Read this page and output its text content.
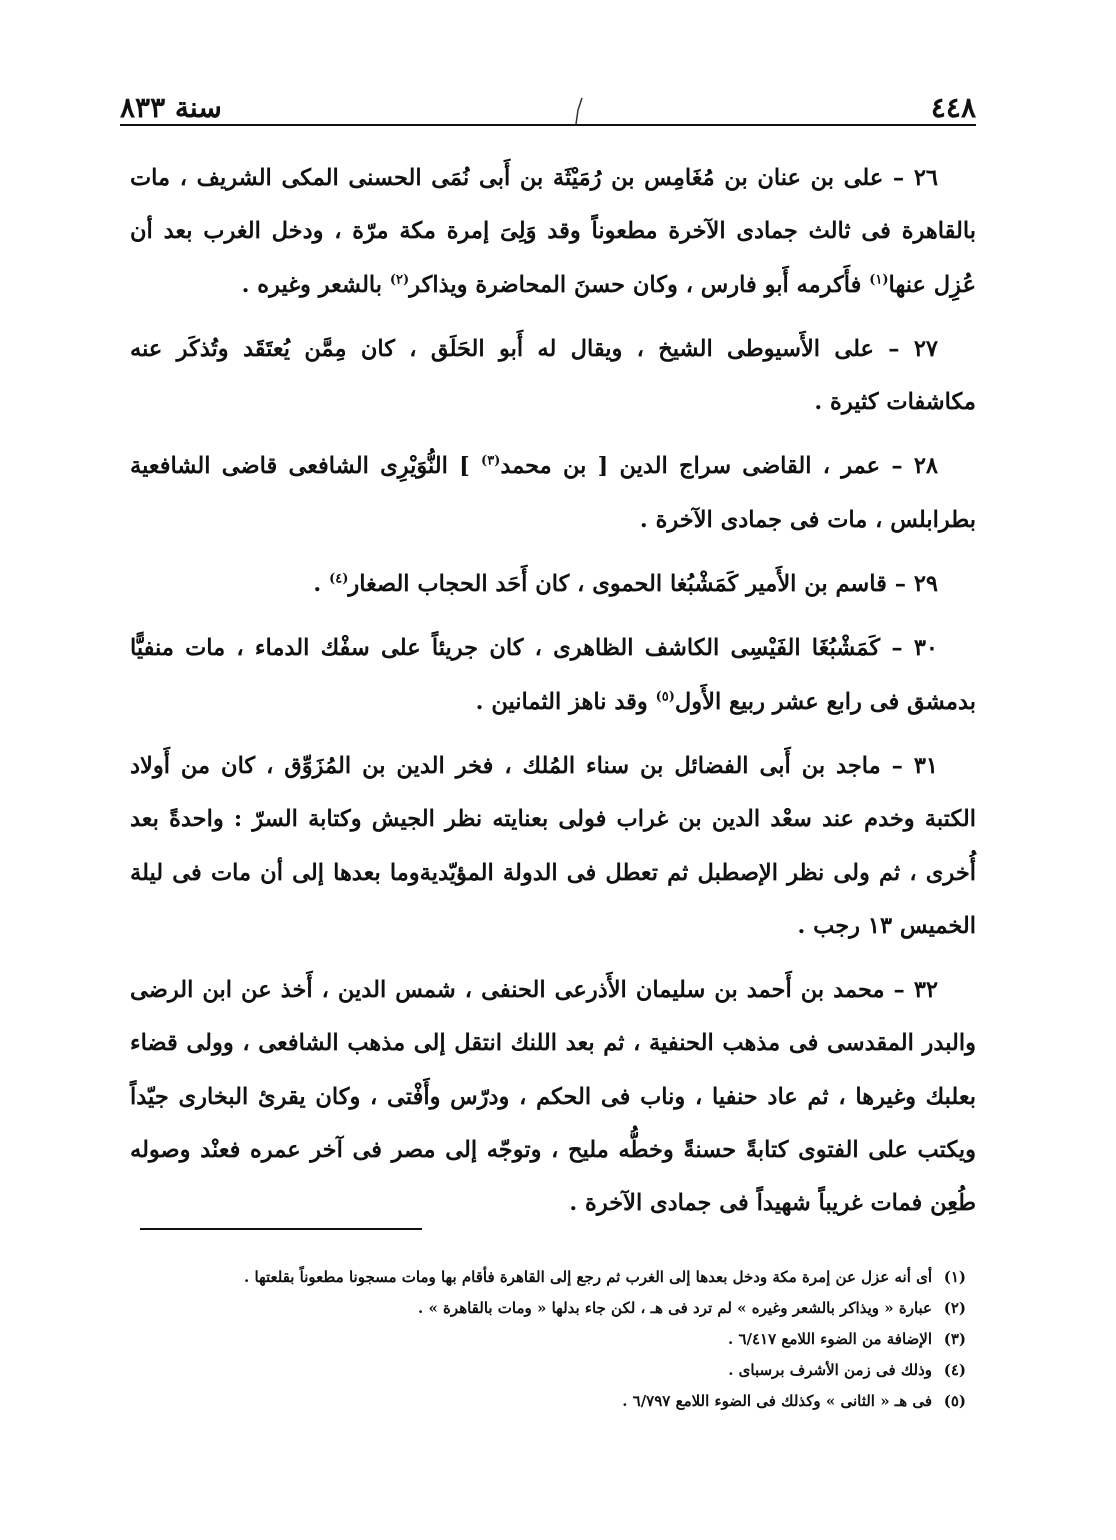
٤٤٨
سنة ٨٣٣

٢٦ – على بن عنان بن مُغَامِس بن رُمَيْثَة بن أَبى نُمَى الحسنى المكى الشريف ، مات بالقاهرة فى ثالث جمادى الآخرة مطعوناً وقد وَلِىَ إمرة مكة مرّة ، ودخل الغرب بعد أن عُزِل عنها$^{(١)}$ فأَكرمه أَبو فارس ، وكان حسنَ المحاضرة ويذاكر$^{(٢)}$ بالشعر وغيره .

٢٧ – على الأَسيوطى الشيخ ، ويقال له أَبو الحَلَق ، كان مِمَّن يُعتَقَد وتُذكَر عنه مكاشفات كثيرة .

٢٨ – عمر ، القاضى سراج الدين [ بن محمد$^{(٣)}$ ] النُّوَيْرِى الشافعى قاضى الشافعية بطرابلس ، مات فى جمادى الآخرة .

٢٩ – قاسم بن الأَمير كَمَشْبُغا الحموى ، كان أَحَد الحجاب الصغار$^{(٤)}$ .

٣٠ – كَمَشْبُغَا الفَيْسِى الكاشف الظاهرى ، كان جريئاً على سفْك الدماء ، مات منفيًّا بدمشق فى رابع عشر ربيع الأَول$^{(٥)}$ وقد ناهز الثمانين .

٣١ – ماجد بن أَبى الفضائل بن سناء المُلك ، فخر الدين بن المُزَوِّق ، كان من أَولاد الكتبة وخدم عند سعْد الدين بن غراب فولى بعنايته نظر الجيش وكتابة السرّ : واحدةً بعد أُخرى ، ثم ولى نظر الإصطبل ثم تعطل فى الدولة المؤيّديةوما بعدها إلى أن مات فى ليلة الخميس ١٣ رجب .

٣٢ – محمد بن أَحمد بن سليمان الأَذرعى الحنفى ، شمس الدين ، أَخذ عن ابن الرضى والبدر المقدسى فى مذهب الحنفية ، ثم بعد اللنك انتقل إلى مذهب الشافعى ، وولى قضاء بعلبك وغيرها ، ثم عاد حنفيا ، وناب فى الحكم ، ودرّس وأَفْتى ، وكان يقرئ البخارى جيّداً ويكتب على الفتوى كتابةً حسنةً وخطُّه مليح ، وتوجّه إلى مصر فى آخر عمره فعنْد وصوله طُعِن فمات غريباً شهيداً فى جمادى الآخرة .

(١)أى أنه عزل عن إمرة مكة ودخل بعدها إلى الغرب ثم رجع إلى القاهرة فأقام بها ومات مسجونا مطعوناً بقلعتها .
(٢)عبارة « ويذاكر بالشعر وغيره » لم ترد فى هـ ، لكن جاء بدلها « ومات بالقاهرة » .
(٣)الإضافة من الضوء اللامع ٦/٤١٧ .
(٤)وذلك فى زمن الأشرف برسباى .
(٥)فى هـ « الثانى » وكذلك فى الضوء اللامع ٦/٧٩٧ .
